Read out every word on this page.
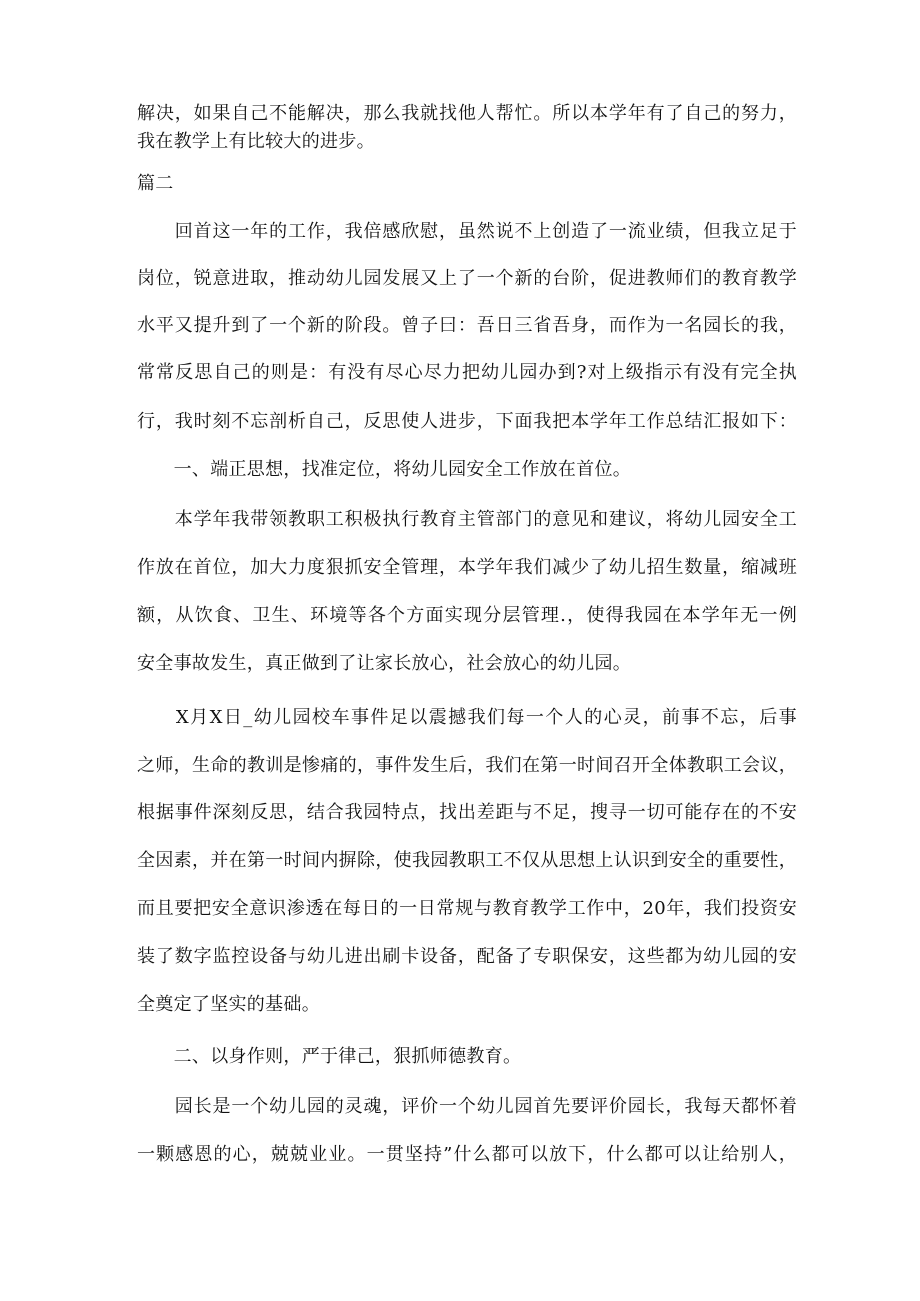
解决，如果自己不能解决，那么我就找他人帮忙。所以本学年有了自己的努力，
我在教学上有比较大的进步。
篇二
　　回首这一年的工作，我倍感欣慰，虽然说不上创造了一流业绩，但我立足于
岗位，锐意进取，推动幼儿园发展又上了一个新的台阶，促进教师们的教育教学
水平又提升到了一个新的阶段。曾子曰：吾日三省吾身，而作为一名园长的我，
常常反思自己的则是：有没有尽心尽力把幼儿园办到?对上级指示有没有完全执
行，我时刻不忘剖析自己，反思使人进步，下面我把本学年工作总结汇报如下：
　　一、端正思想，找准定位，将幼儿园安全工作放在首位。
　　本学年我带领教职工积极执行教育主管部门的意见和建议，将幼儿园安全工
作放在首位，加大力度狠抓安全管理，本学年我们减少了幼儿招生数量，缩减班
额，从饮食、卫生、环境等各个方面实现分层管理.，使得我园在本学年无一例
安全事故发生，真正做到了让家长放心，社会放心的幼儿园。
　　X月X日_幼儿园校车事件足以震撼我们每一个人的心灵，前事不忘，后事
之师，生命的教训是惨痛的，事件发生后，我们在第一时间召开全体教职工会议，
根据事件深刻反思，结合我园特点，找出差距与不足，搜寻一切可能存在的不安
全因素，并在第一时间内摒除，使我园教职工不仅从思想上认识到安全的重要性，
而且要把安全意识渗透在每日的一日常规与教育教学工作中，20年，我们投资安
装了数字监控设备与幼儿进出刷卡设备，配备了专职保安，这些都为幼儿园的安
全奠定了坚实的基础。
　　二、以身作则，严于律己，狠抓师德教育。
　　园长是一个幼儿园的灵魂，评价一个幼儿园首先要评价园长，我每天都怀着
一颗感恩的心，兢兢业业。一贯坚持”什么都可以放下，什么都可以让给别人，
